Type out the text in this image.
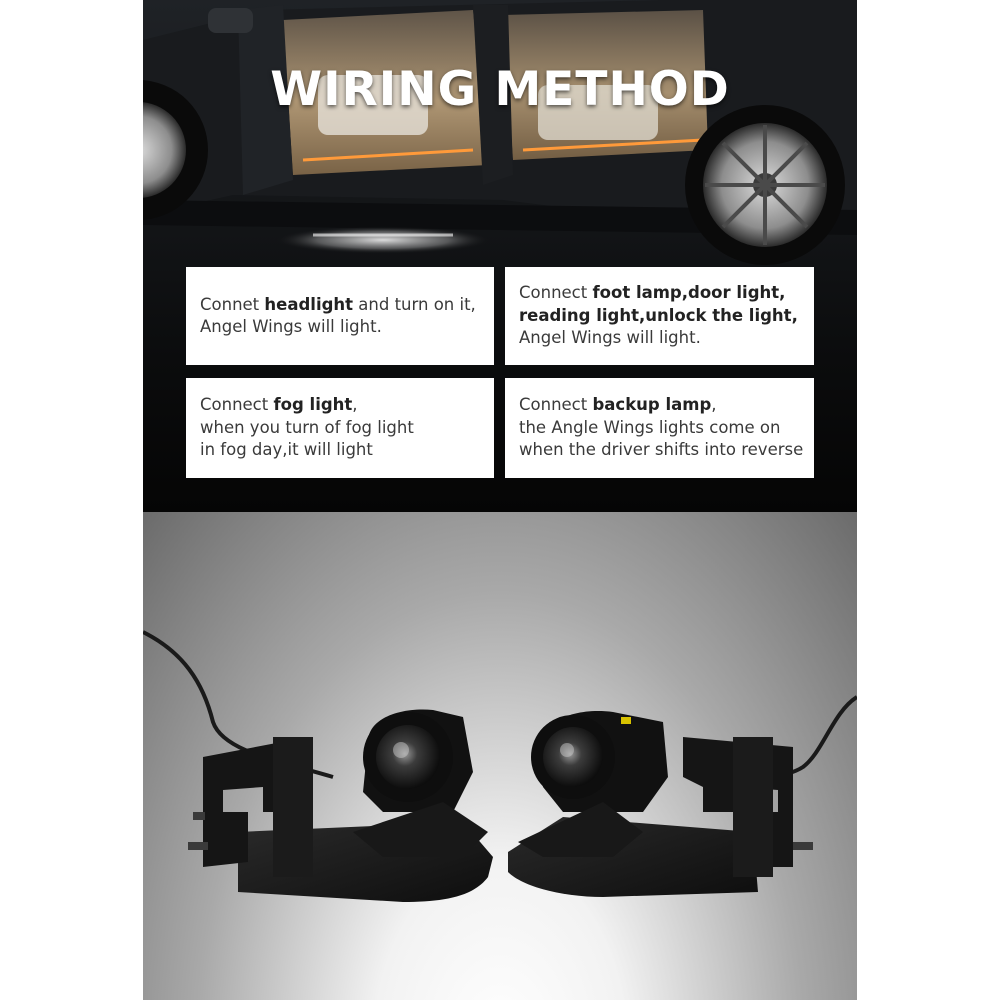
WIRING METHOD
Connet headlight and turn on it,
Angel Wings will light.
Connect foot lamp,door light,
reading light,unlock the light,
Angel Wings will light.
Connect fog light,
when you turn of fog light
in fog day,it will light
Connect backup lamp,
the Angle Wings lights come on
when the driver shifts into reverse
